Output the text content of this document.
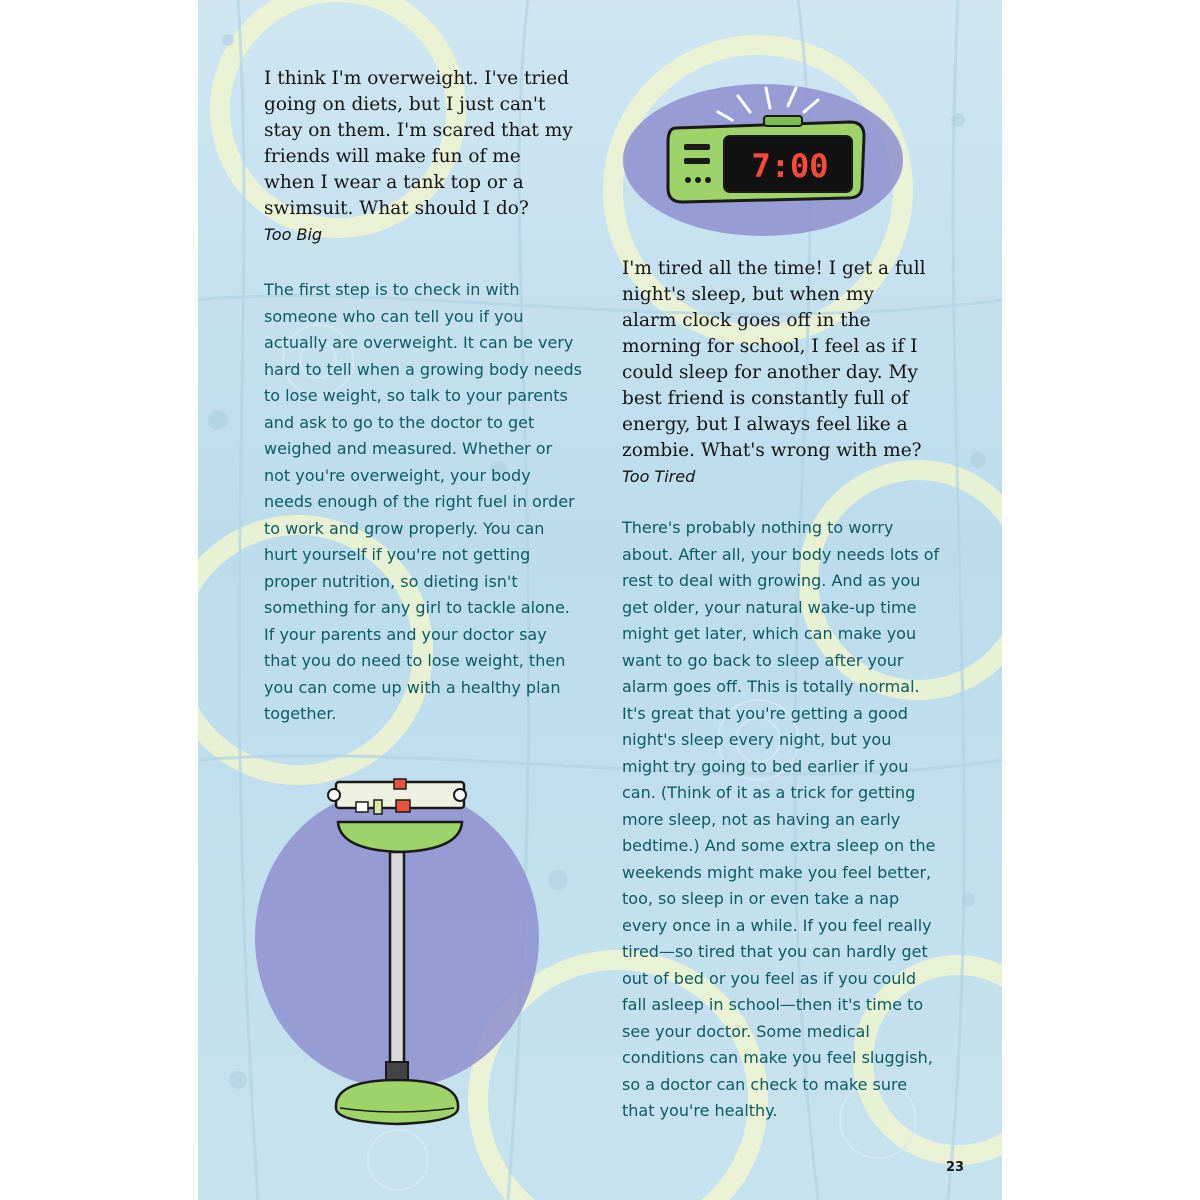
I think I'm overweight. I've tried going on diets, but I just can't stay on them. I'm scared that my friends will make fun of me when I wear a tank top or a swimsuit. What should I do?
Too Big

The first step is to check in with someone who can tell you if you actually are overweight. It can be very hard to tell when a growing body needs to lose weight, so talk to your parents and ask to go to the doctor to get weighed and measured. Whether or not you're overweight, your body needs enough of the right fuel in order to work and grow properly. You can hurt yourself if you're not getting proper nutrition, so dieting isn't something for any girl to tackle alone. If your parents and your doctor say that you do need to lose weight, then you can come up with a healthy plan together.

7:00

I'm tired all the time! I get a full night's sleep, but when my alarm clock goes off in the morning for school, I feel as if I could sleep for another day. My best friend is constantly full of energy, but I always feel like a zombie. What's wrong with me?
Too Tired

There's probably nothing to worry about. After all, your body needs lots of rest to deal with growing. And as you get older, your natural wake-up time might get later, which can make you want to go back to sleep after your alarm goes off. This is totally normal. It's great that you're getting a good night's sleep every night, but you might try going to bed earlier if you can. (Think of it as a trick for getting more sleep, not as having an early bedtime.) And some extra sleep on the weekends might make you feel better, too, so sleep in or even take a nap every once in a while. If you feel really tired—so tired that you can hardly get out of bed or you feel as if you could fall asleep in school—then it's time to see your doctor. Some medical conditions can make you feel sluggish, so a doctor can check to make sure that you're healthy.

23
